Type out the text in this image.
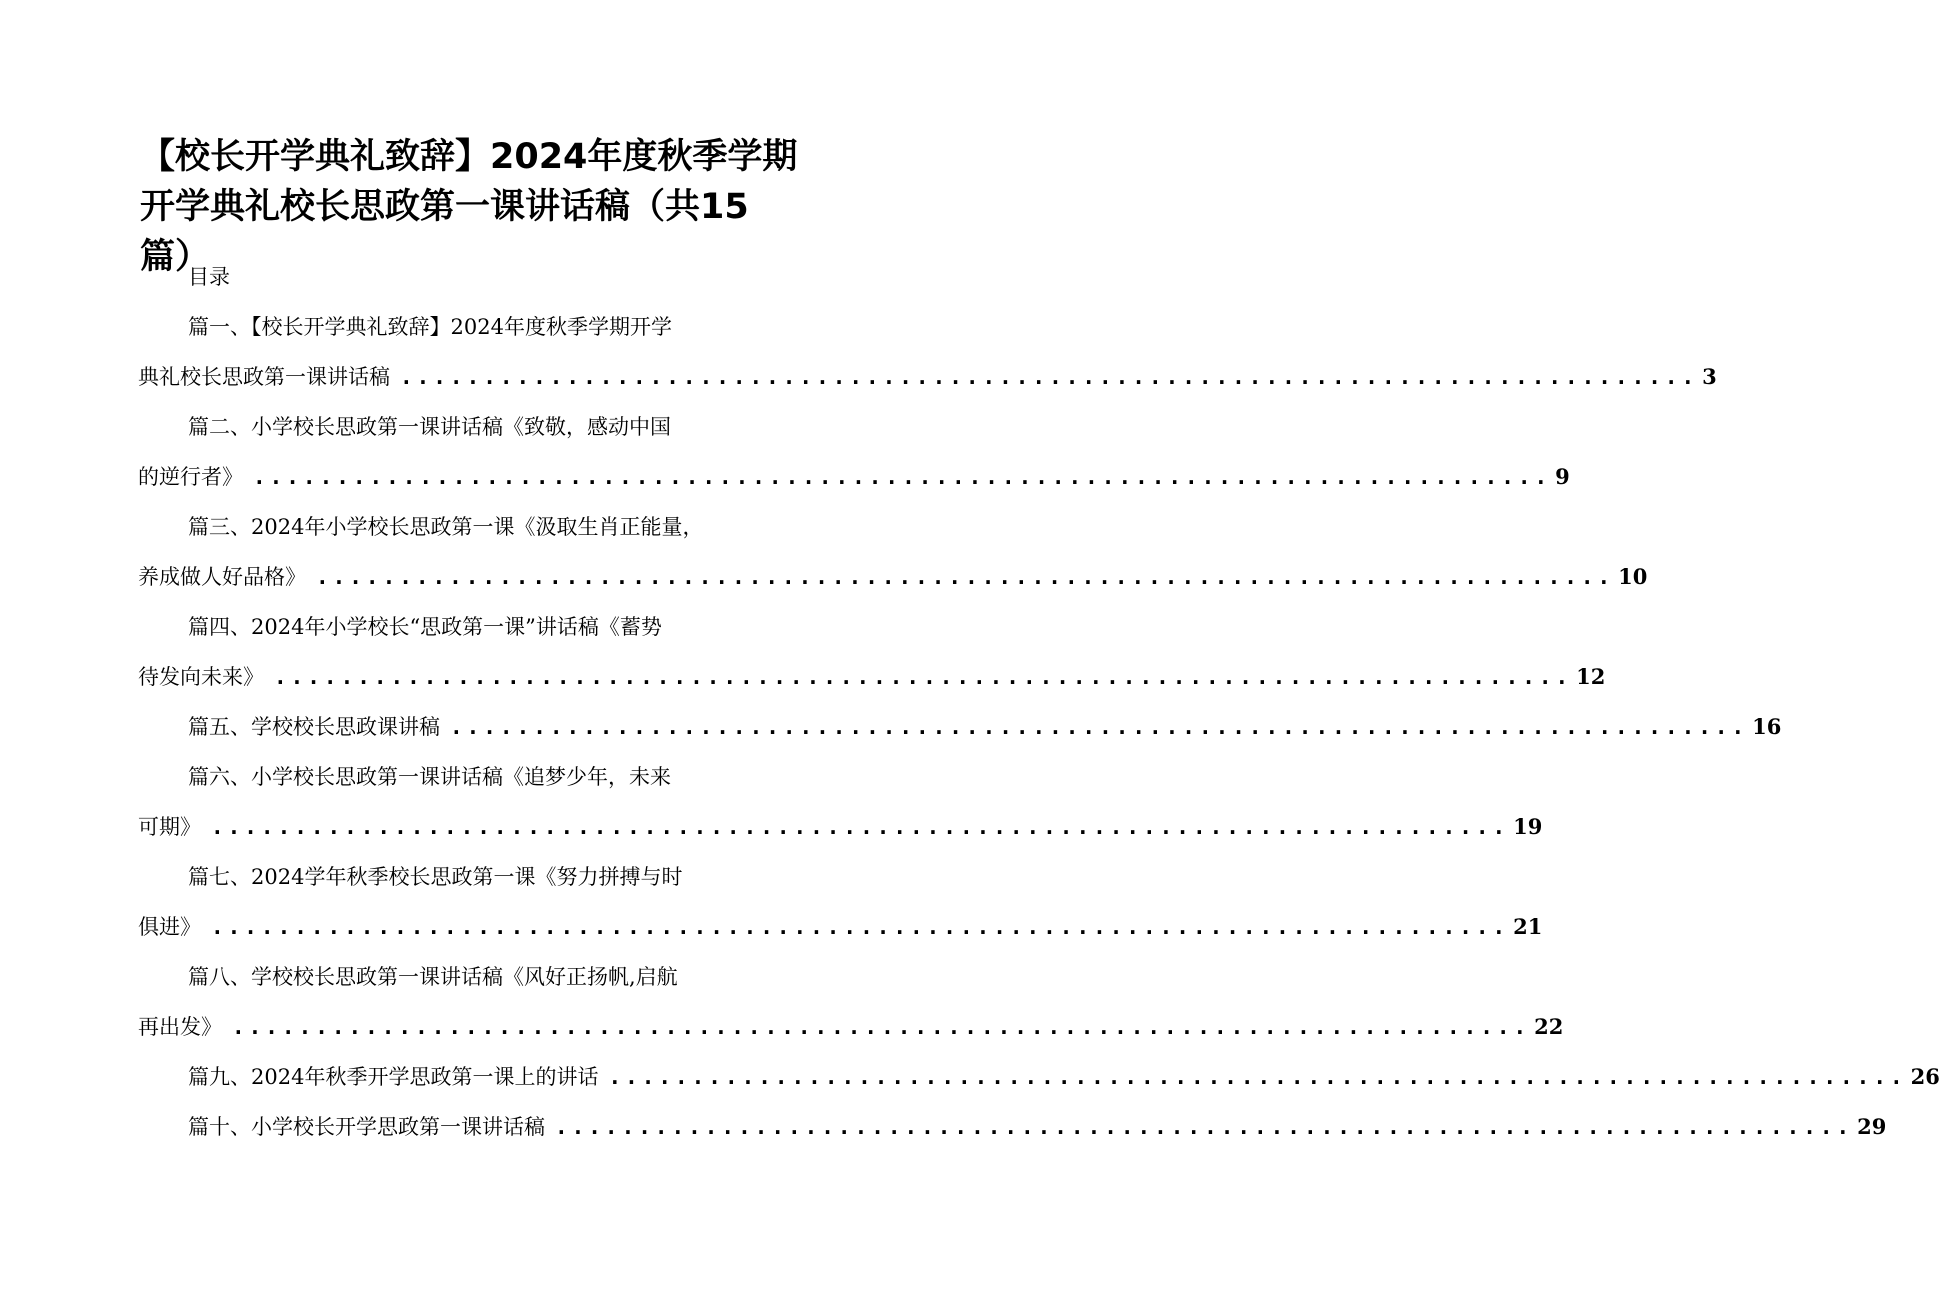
【校长开学典礼致辞】2024年度秋季学期开学典礼校长思政第一课讲话稿（共15篇）

目录

篇一、【校长开学典礼致辞】2024年度秋季学期开学
典礼校长思政第一课讲话稿 .............................................................................. 3
篇二、小学校长思政第一课讲话稿《致敬，感动中国
的逆行者》 .............................................................................. 9
篇三、2024年小学校长思政第一课《汲取生肖正能量，
养成做人好品格》 .............................................................................. 10
篇四、2024年小学校长“思政第一课”讲话稿《蓄势
待发向未来》 .............................................................................. 12
篇五、学校校长思政课讲稿 .............................................................................. 16
篇六、小学校长思政第一课讲话稿《追梦少年，未来
可期》 .............................................................................. 19
篇七、2024学年秋季校长思政第一课《努力拼搏与时
俱进》 .............................................................................. 21
篇八、学校校长思政第一课讲话稿《风好正扬帆,启航
再出发》 .............................................................................. 22
篇九、2024年秋季开学思政第一课上的讲话 .............................................................................. 26
篇十、小学校长开学思政第一课讲话稿 .............................................................................. 29
